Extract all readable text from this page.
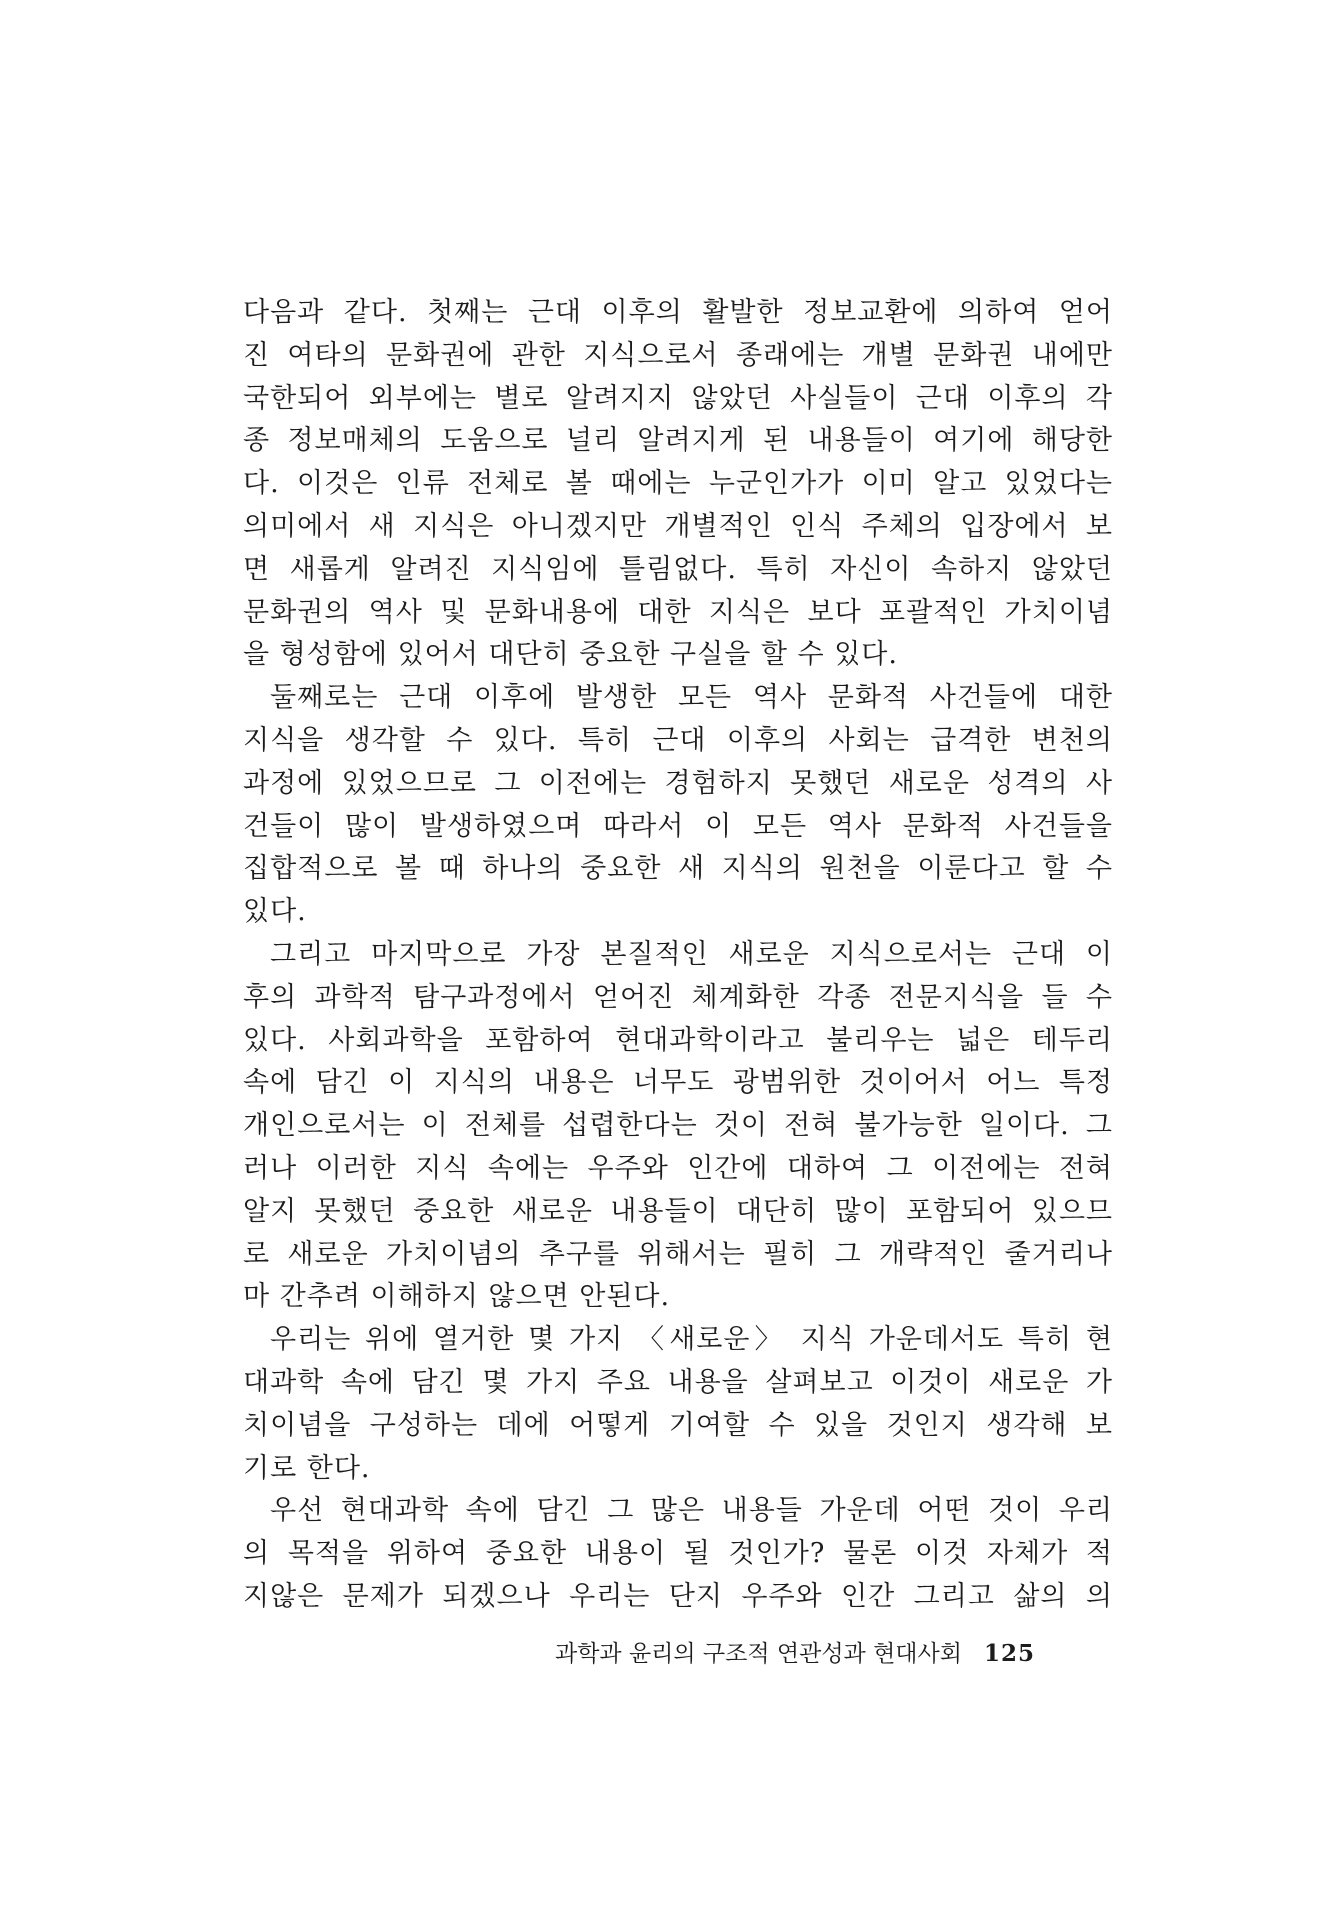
다음과 같다. 첫째는 근대 이후의 활발한 정보교환에 의하여 얻어
진 여타의 문화권에 관한 지식으로서 종래에는 개별 문화권 내에만
국한되어 외부에는 별로 알려지지 않았던 사실들이 근대 이후의 각
종 정보매체의 도움으로 널리 알려지게 된 내용들이 여기에 해당한
다. 이것은 인류 전체로 볼 때에는 누군인가가 이미 알고 있었다는
의미에서 새 지식은 아니겠지만 개별적인 인식 주체의 입장에서 보
면 새롭게 알려진 지식임에 틀림없다. 특히 자신이 속하지 않았던
문화권의 역사 및 문화내용에 대한 지식은 보다 포괄적인 가치이념
을 형성함에 있어서 대단히 중요한 구실을 할 수 있다.
둘째로는 근대 이후에 발생한 모든 역사 문화적 사건들에 대한
지식을 생각할 수 있다. 특히 근대 이후의 사회는 급격한 변천의
과정에 있었으므로 그 이전에는 경험하지 못했던 새로운 성격의 사
건들이 많이 발생하였으며 따라서 이 모든 역사 문화적 사건들을
집합적으로 볼 때 하나의 중요한 새 지식의 원천을 이룬다고 할 수
있다.
그리고 마지막으로 가장 본질적인 새로운 지식으로서는 근대 이
후의 과학적 탐구과정에서 얻어진 체계화한 각종 전문지식을 들 수
있다. 사회과학을 포함하여 현대과학이라고 불리우는 넓은 테두리
속에 담긴 이 지식의 내용은 너무도 광범위한 것이어서 어느 특정
개인으로서는 이 전체를 섭렵한다는 것이 전혀 불가능한 일이다. 그
러나 이러한 지식 속에는 우주와 인간에 대하여 그 이전에는 전혀
알지 못했던 중요한 새로운 내용들이 대단히 많이 포함되어 있으므
로 새로운 가치이념의 추구를 위해서는 필히 그 개략적인 줄거리나
마 간추려 이해하지 않으면 안된다.
우리는 위에 열거한 몇 가지 〈새로운〉 지식 가운데서도 특히 현
대과학 속에 담긴 몇 가지 주요 내용을 살펴보고 이것이 새로운 가
치이념을 구성하는 데에 어떻게 기여할 수 있을 것인지 생각해 보
기로 한다.
우선 현대과학 속에 담긴 그 많은 내용들 가운데 어떤 것이 우리
의 목적을 위하여 중요한 내용이 될 것인가? 물론 이것 자체가 적
지않은 문제가 되겠으나 우리는 단지 우주와 인간 그리고 삶의 의
과학과 윤리의 구조적 연관성과 현대사회 125
